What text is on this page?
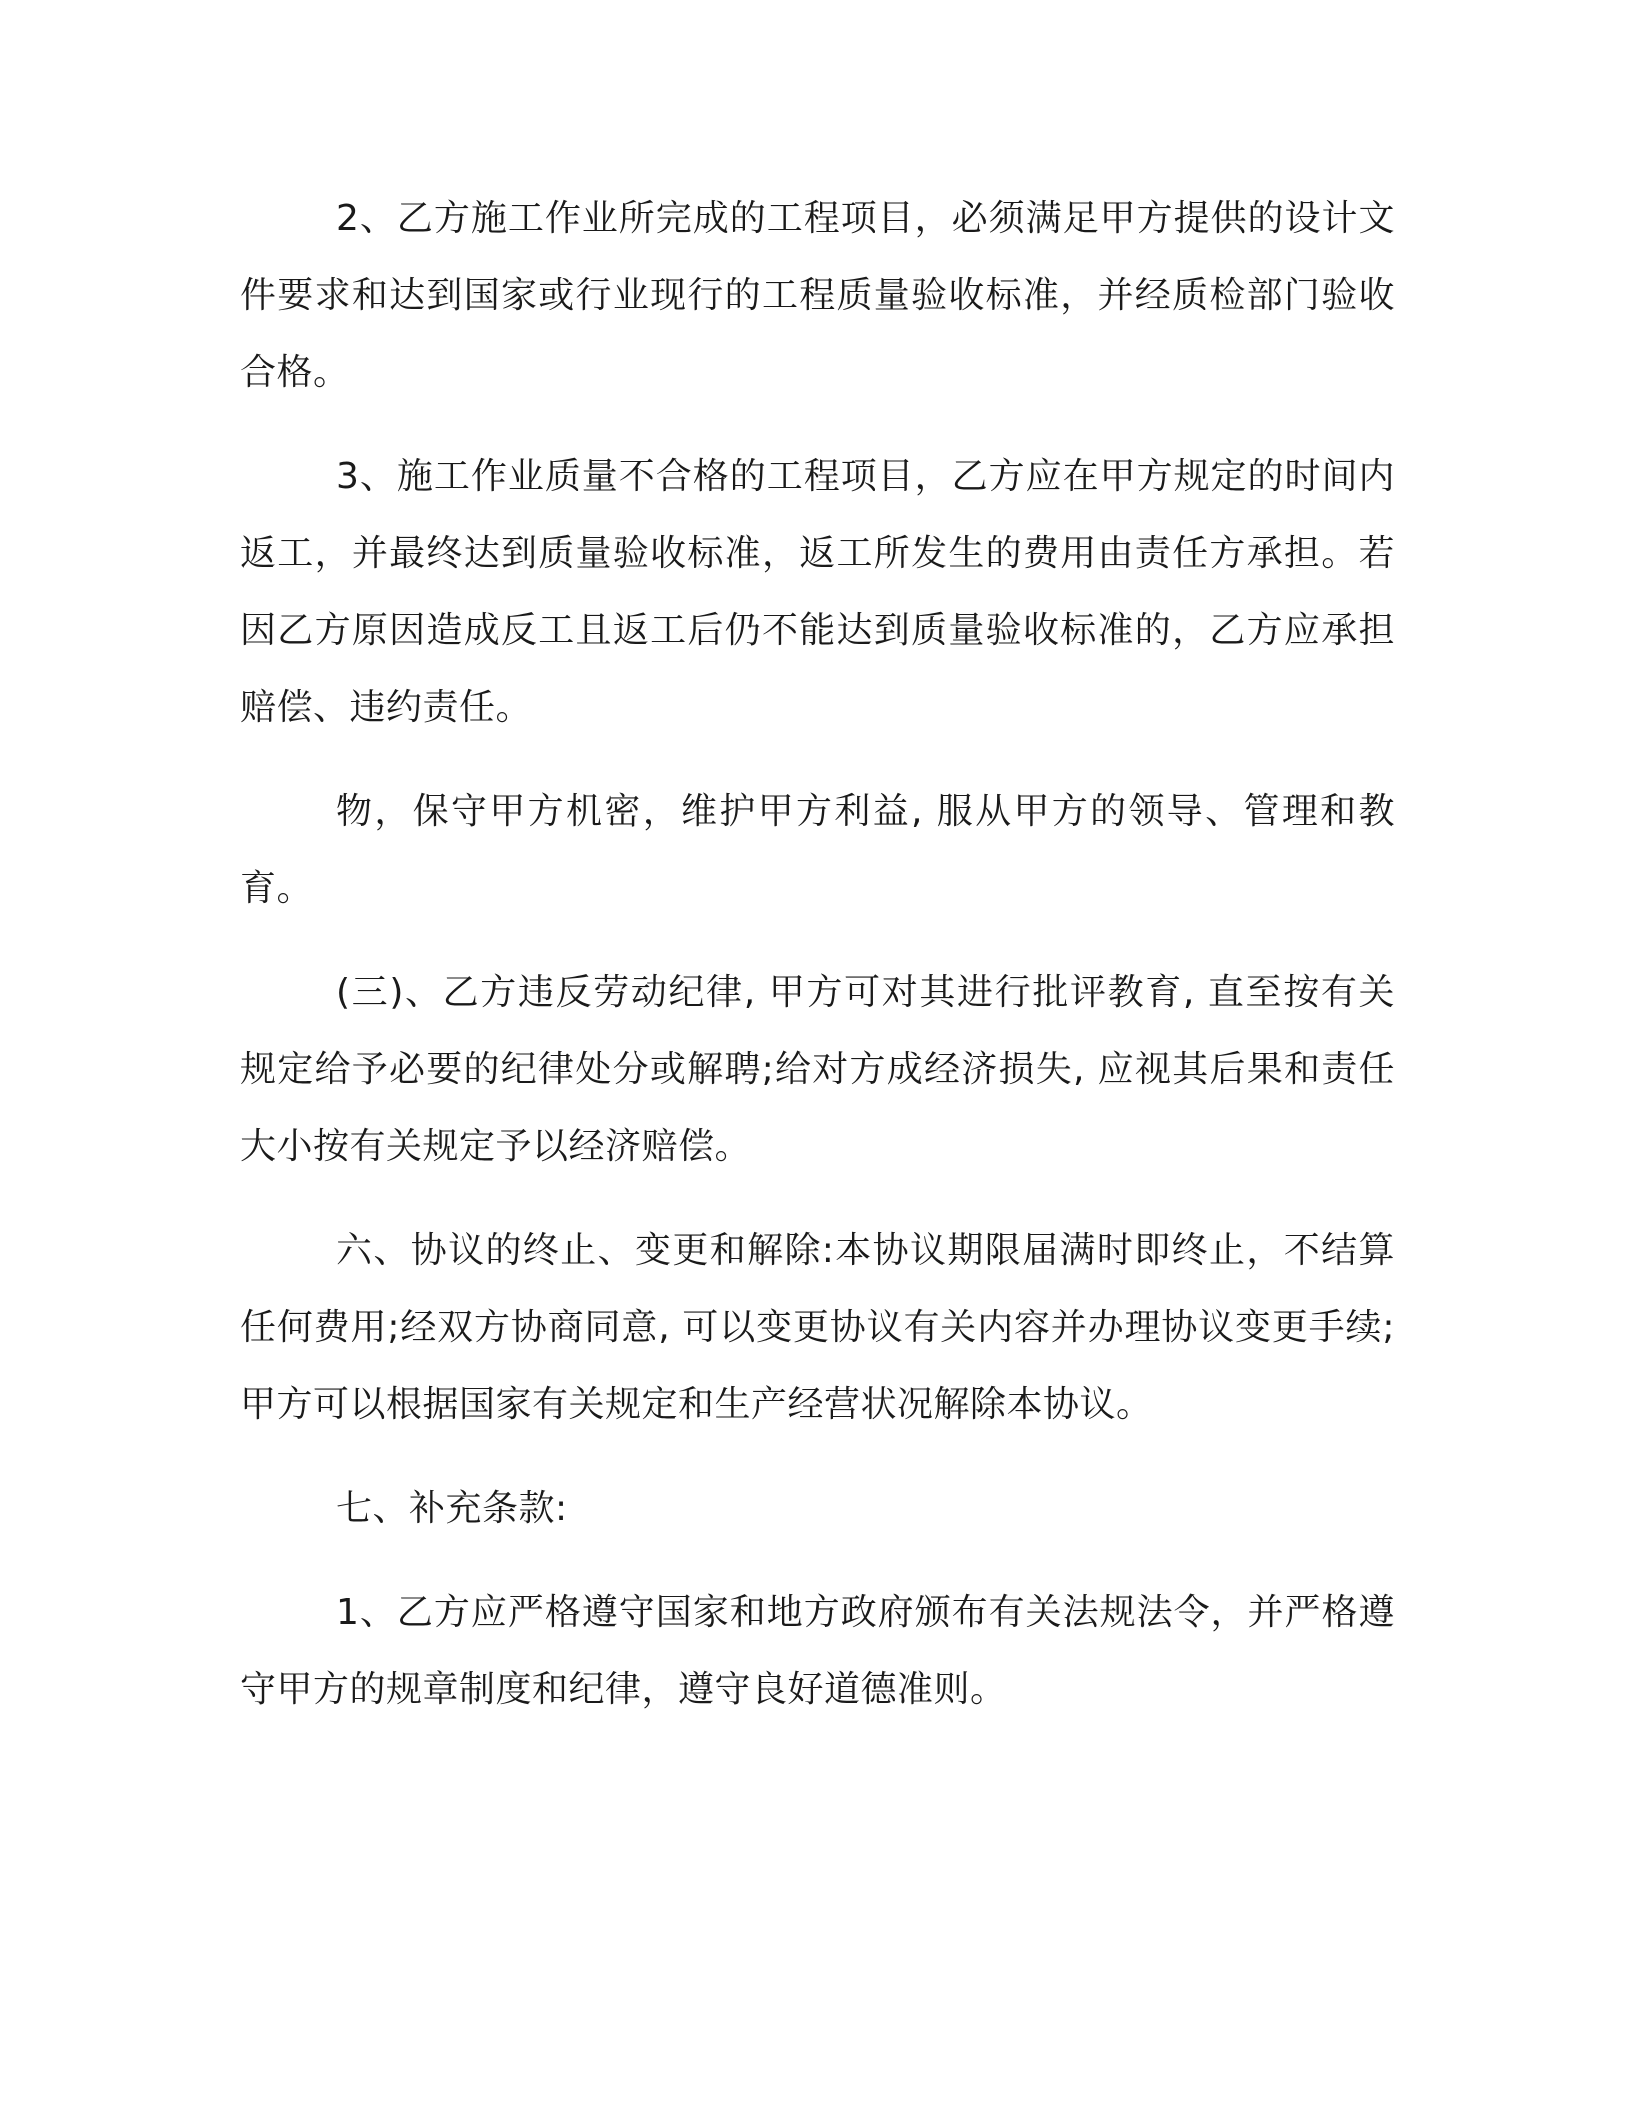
2、乙方施工作业所完成的工程项目，必须满足甲方提供的设计文件要求和达到国家或行业现行的工程质量验收标准，并经质检部门验收合格。

3、施工作业质量不合格的工程项目，乙方应在甲方规定的时间内返工，并最终达到质量验收标准，返工所发生的费用由责任方承担。若因乙方原因造成反工且返工后仍不能达到质量验收标准的，乙方应承担赔偿、违约责任。

物，保守甲方机密，维护甲方利益, 服从甲方的领导、管理和教育。

(三)、乙方违反劳动纪律, 甲方可对其进行批评教育, 直至按有关规定给予必要的纪律处分或解聘;给对方成经济损失, 应视其后果和责任大小按有关规定予以经济赔偿。

六、协议的终止、变更和解除:本协议期限届满时即终止，不结算任何费用;经双方协商同意, 可以变更协议有关内容并办理协议变更手续;甲方可以根据国家有关规定和生产经营状况解除本协议。

七、补充条款:

1、乙方应严格遵守国家和地方政府颁布有关法规法令，并严格遵守甲方的规章制度和纪律，遵守良好道德准则。
